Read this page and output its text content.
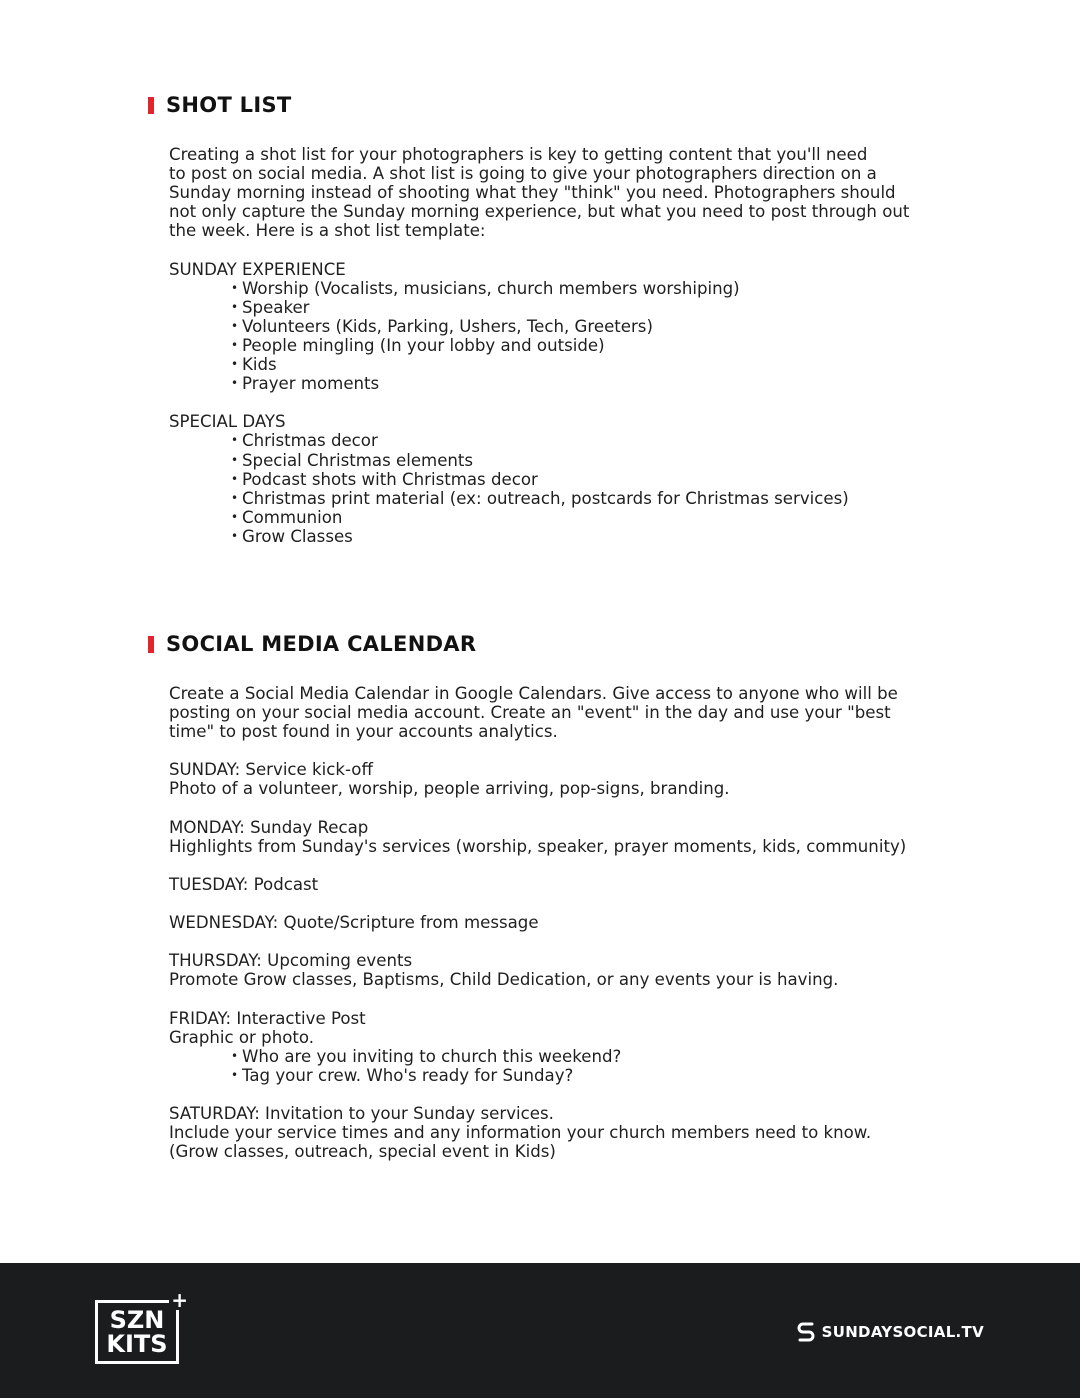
SHOT LIST

Creating a shot list for your photographers is key to getting content that you'll need

to post on social media. A shot list is going to give your photographers direction on a

Sunday morning instead of shooting what they "think" you need. Photographers should

not only capture the Sunday morning experience, but what you need to post through out

the week. Here is a shot list template:

SUNDAY EXPERIENCE

• Worship (Vocalists, musicians, church members worshiping)
• Speaker
• Volunteers (Kids, Parking, Ushers, Tech, Greeters)
• People mingling (In your lobby and outside)
• Kids
• Prayer moments

SPECIAL DAYS

• Christmas decor
• Special Christmas elements
• Podcast shots with Christmas decor
• Christmas print material (ex: outreach, postcards for Christmas services)
• Communion
• Grow Classes
SOCIAL MEDIA CALENDAR

Create a Social Media Calendar in Google Calendars. Give access to anyone who will be

posting on your social media account. Create an "event" in the day and use your "best

time" to post found in your accounts analytics.

SUNDAY: Service kick-off

Photo of a volunteer, worship, people arriving, pop-signs, branding.

MONDAY: Sunday Recap

Highlights from Sunday's services (worship, speaker, prayer moments, kids, community)

TUESDAY: Podcast

WEDNESDAY: Quote/Scripture from message

THURSDAY: Upcoming events

Promote Grow classes, Baptisms, Child Dedication, or any events your is having.

FRIDAY: Interactive Post

Graphic or photo.

• Who are you inviting to church this weekend?
• Tag your crew. Who's ready for Sunday?

SATURDAY: Invitation to your Sunday services.

Include your service times and any information your church members need to know.

(Grow classes, outreach, special event in Kids)

SZN
KITS
+
SUNDAYSOCIAL.TV
